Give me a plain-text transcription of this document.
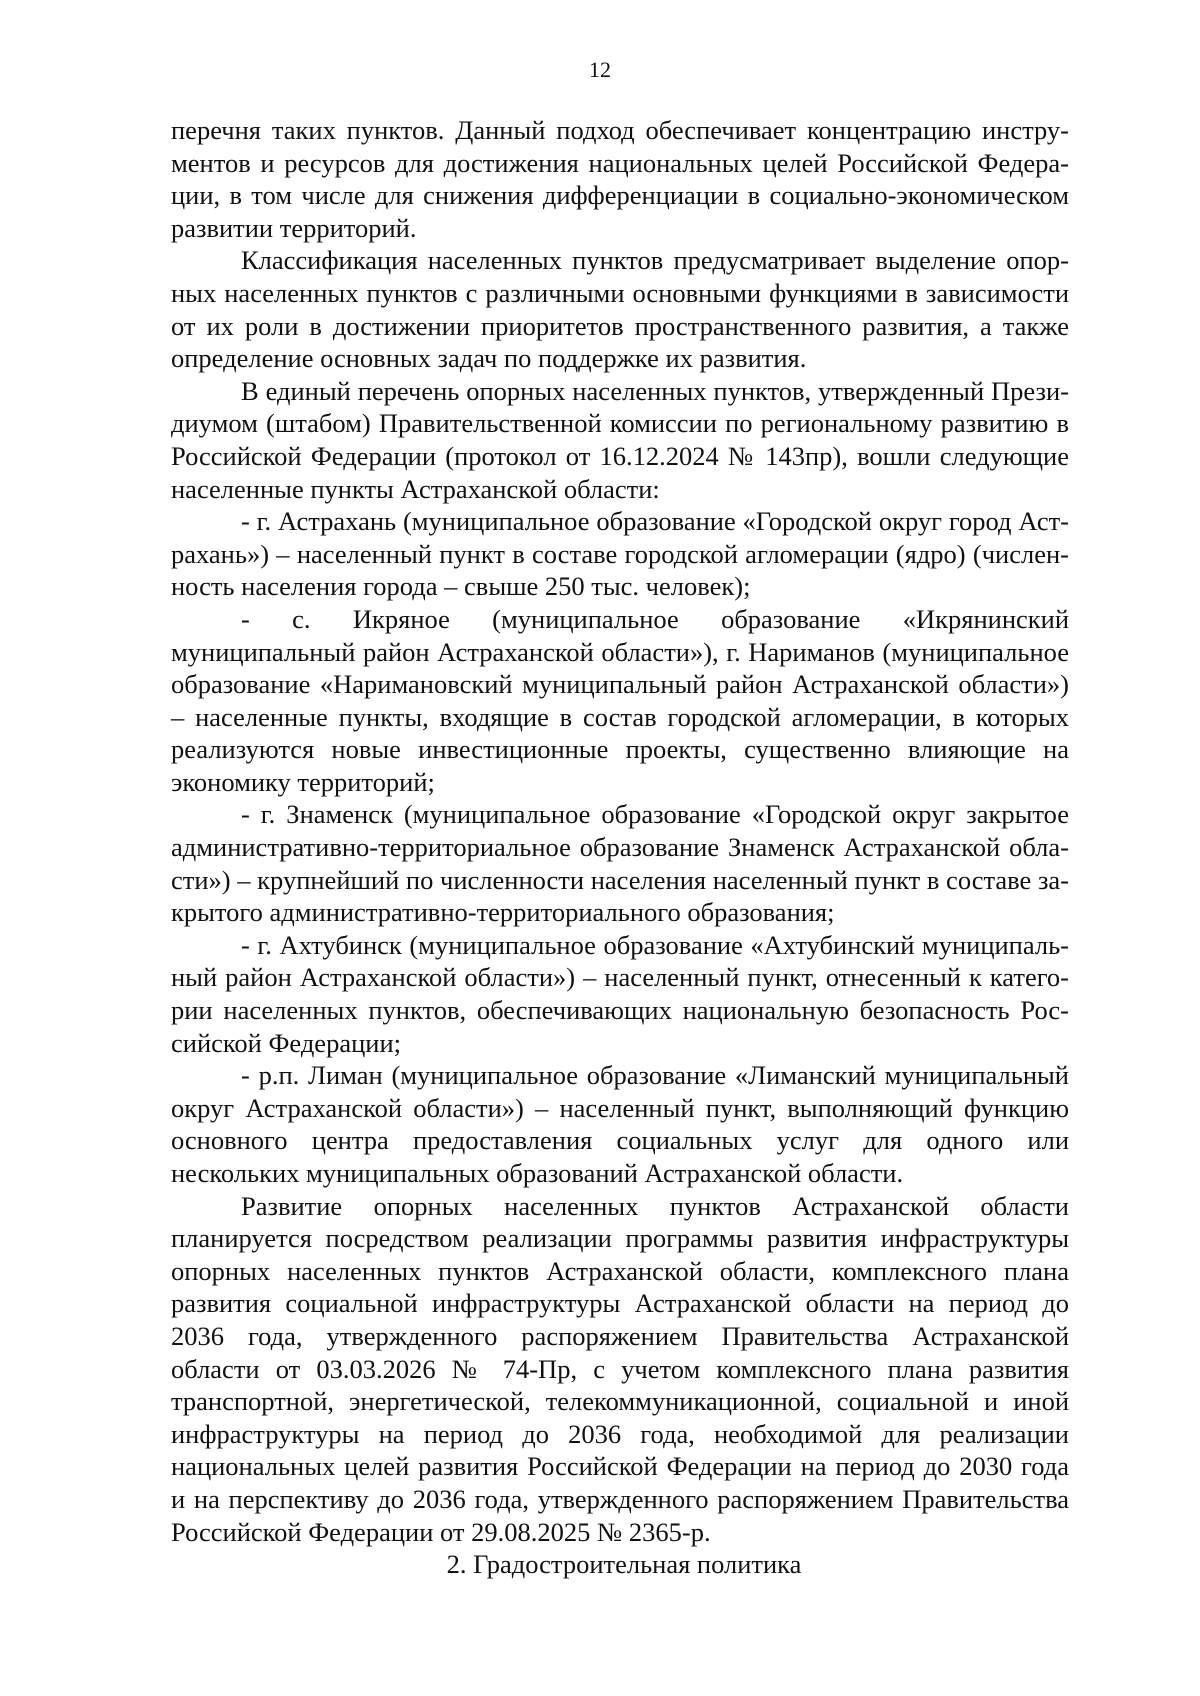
12

перечня таких пунктов. Данный подход обеспечивает концентрацию инструментов и ресурсов для достижения национальных целей Российской Федерации, в том числе для снижения дифференциации в социально-экономическом развитии территорий.

Классификация населенных пунктов предусматривает выделение опорных населенных пунктов с различными основными функциями в зависимости от их роли в достижении приоритетов пространственного развития, а также определение основных задач по поддержке их развития.

В единый перечень опорных населенных пунктов, утвержденный Президиумом (штабом) Правительственной комиссии по региональному развитию в Российской Федерации (протокол от 16.12.2024 № 143пр), вошли следующие населенные пункты Астраханской области:

- г. Астрахань (муниципальное образование «Городской округ город Астрахань») – населенный пункт в составе городской агломерации (ядро) (численность населения города – свыше 250 тыс. человек);

- с. Икряное (муниципальное образование «Икрянинский муниципальный район Астраханской области»), г. Нариманов (муниципальное образование «Наримановский муниципальный район Астраханской области») – населенные пункты, входящие в состав городской агломерации, в которых реализуются новые инвестиционные проекты, существенно влияющие на экономику территорий;

- г. Знаменск (муниципальное образование «Городской округ закрытое административно-территориальное образование Знаменск Астраханской области») – крупнейший по численности населения населенный пункт в составе закрытого административно-территориального образования;

- г. Ахтубинск (муниципальное образование «Ахтубинский муниципальный район Астраханской области») – населенный пункт, отнесенный к категории населенных пунктов, обеспечивающих национальную безопасность Российской Федерации;

- р.п. Лиман (муниципальное образование «Лиманский муниципальный округ Астраханской области») – населенный пункт, выполняющий функцию основного центра предоставления социальных услуг для одного или нескольких муниципальных образований Астраханской области.

Развитие опорных населенных пунктов Астраханской области планируется посредством реализации программы развития инфраструктуры опорных населенных пунктов Астраханской области, комплексного плана развития социальной инфраструктуры Астраханской области на период до 2036 года, утвержденного распоряжением Правительства Астраханской области от 03.03.2026 № 74-Пр, с учетом комплексного плана развития транспортной, энергетической, телекоммуникационной, социальной и иной инфраструктуры на период до 2036 года, необходимой для реализации национальных целей развития Российской Федерации на период до 2030 года и на перспективу до 2036 года, утвержденного распоряжением Правительства Российской Федерации от 29.08.2025 № 2365-р.

2. Градостроительная политика
